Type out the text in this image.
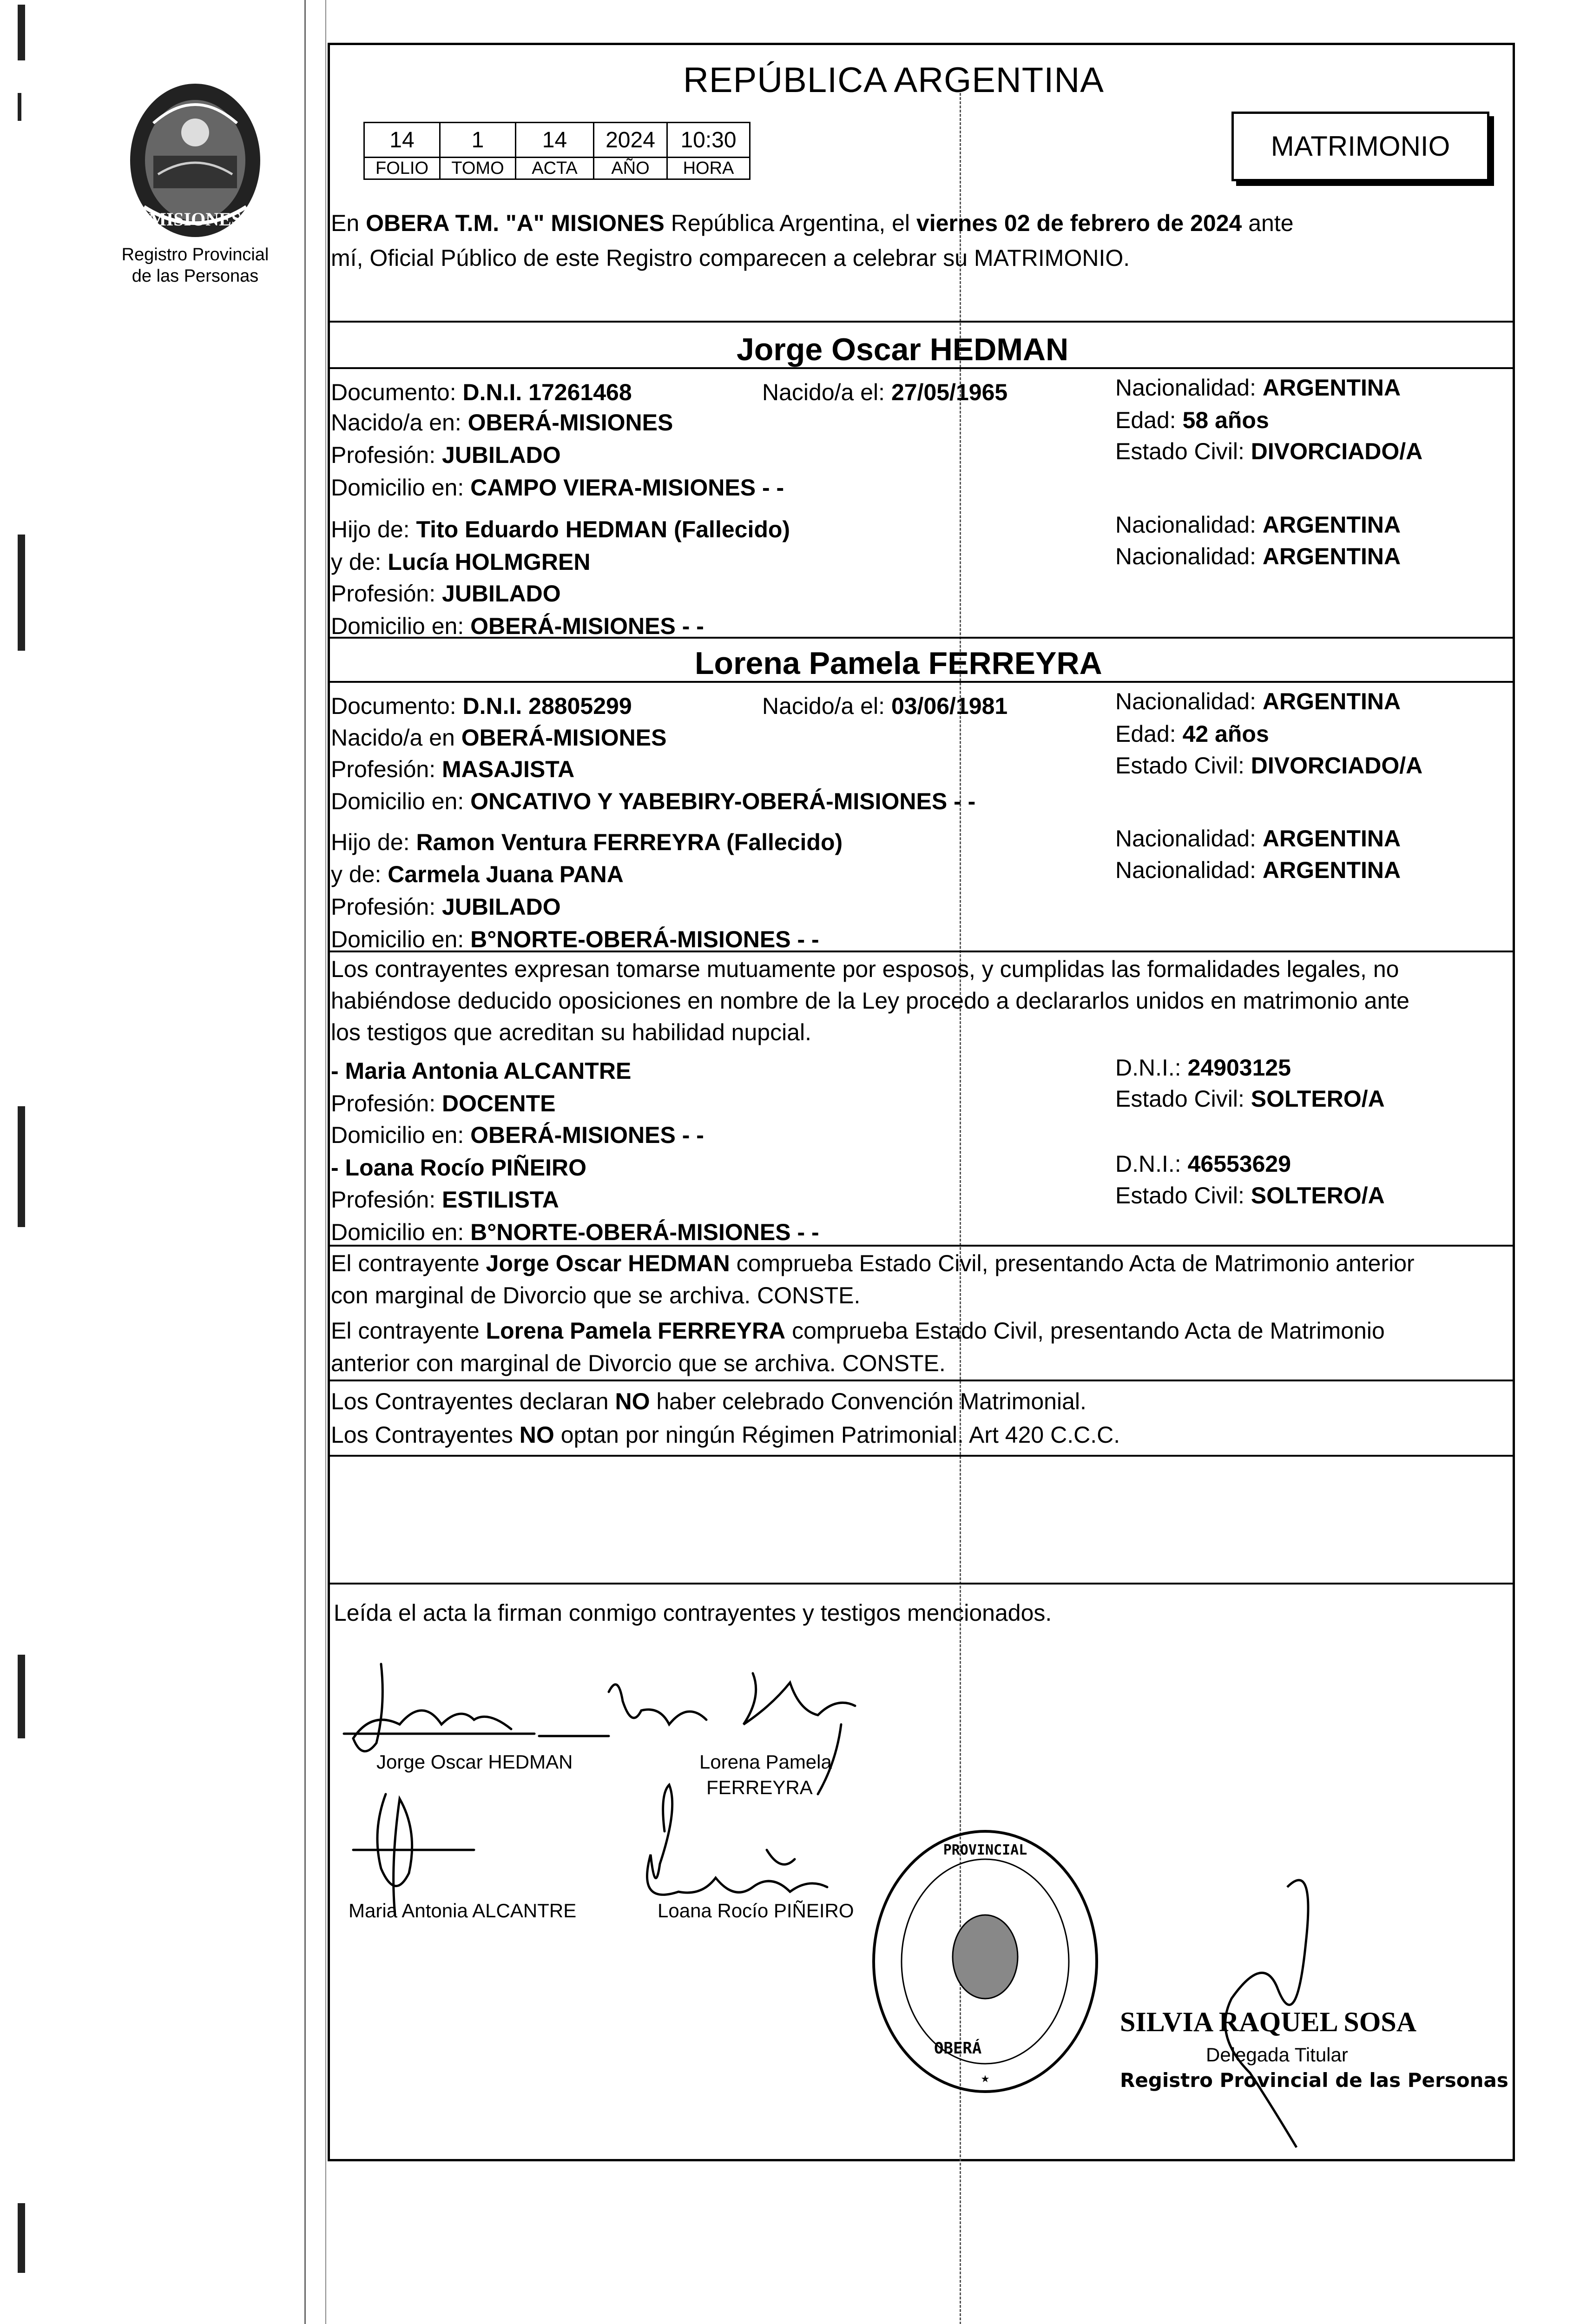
MISIONES
Registro Provincial
de las Personas
REPÚBLICA ARGENTINA
14	1	14	2024	10:30
FOLIO	TOMO	ACTA	AÑO	HORA
MATRIMONIO
En OBERA T.M. "A" MISIONES República Argentina, el viernes 02 de febrero de 2024 ante
mí, Oficial Público de este Registro comparecen a celebrar su MATRIMONIO.
Jorge Oscar HEDMAN
Documento: D.N.I. 17261468	Nacido/a el: 27/05/1965	Nacionalidad: ARGENTINA
Nacido/a en: OBERÁ-MISIONES	Edad: 58 años
Profesión: JUBILADO	Estado Civil: DIVORCIADO/A
Domicilio en: CAMPO VIERA-MISIONES - -
Hijo de: Tito Eduardo HEDMAN (Fallecido)	Nacionalidad: ARGENTINA
y de: Lucía HOLMGREN	Nacionalidad: ARGENTINA
Profesión: JUBILADO
Domicilio en: OBERÁ-MISIONES - -
Lorena Pamela FERREYRA
Documento: D.N.I. 28805299	Nacido/a el: 03/06/1981	Nacionalidad: ARGENTINA
Nacido/a en OBERÁ-MISIONES	Edad: 42 años
Profesión: MASAJISTA	Estado Civil: DIVORCIADO/A
Domicilio en: ONCATIVO Y YABEBIRY-OBERÁ-MISIONES - -
Hijo de: Ramon Ventura FERREYRA (Fallecido)	Nacionalidad: ARGENTINA
y de: Carmela Juana PANA	Nacionalidad: ARGENTINA
Profesión: JUBILADO
Domicilio en: B°NORTE-OBERÁ-MISIONES - -
Los contrayentes expresan tomarse mutuamente por esposos, y cumplidas las formalidades legales, no
habiéndose deducido oposiciones en nombre de la Ley procedo a declararlos unidos en matrimonio ante
los testigos que acreditan su habilidad nupcial.
- Maria Antonia ALCANTRE	D.N.I.: 24903125
Profesión: DOCENTE	Estado Civil: SOLTERO/A
Domicilio en: OBERÁ-MISIONES - -
- Loana Rocío PIÑEIRO	D.N.I.: 46553629
Profesión: ESTILISTA	Estado Civil: SOLTERO/A
Domicilio en: B°NORTE-OBERÁ-MISIONES - -
El contrayente Jorge Oscar HEDMAN comprueba Estado Civil, presentando Acta de Matrimonio anterior
con marginal de Divorcio que se archiva. CONSTE.
El contrayente Lorena Pamela FERREYRA comprueba Estado Civil, presentando Acta de Matrimonio
anterior con marginal de Divorcio que se archiva. CONSTE.
Los Contrayentes declaran NO haber celebrado Convención Matrimonial.
Los Contrayentes NO optan por ningún Régimen Patrimonial. Art 420 C.C.C.
Leída el acta la firman conmigo contrayentes y testigos mencionados.
Jorge Oscar HEDMAN	Lorena Pamela
FERREYRA
Maria Antonia ALCANTRE	Loana Rocío PIÑEIRO
PROVINCIAL
★
OBERÁ
SILVIA RAQUEL SOSA
Delegada Titular
Registro Provincial de las Personas
